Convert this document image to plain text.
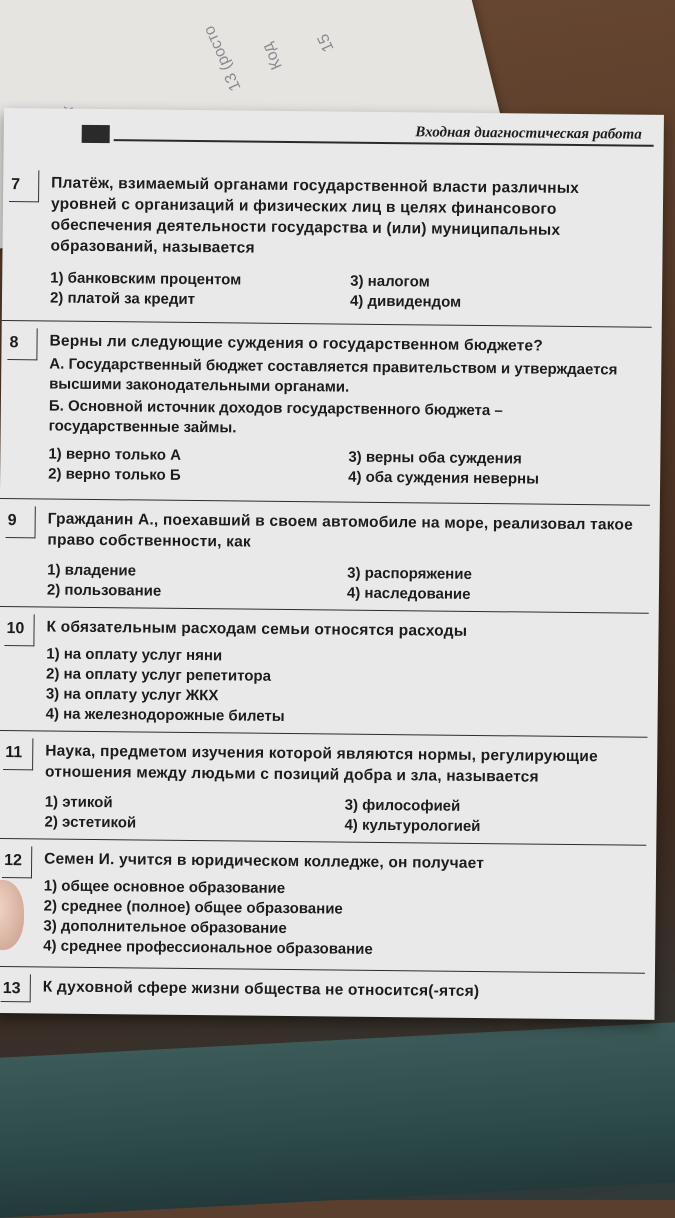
13 (росто Код 15
Входная диагностическая работа
7	Платёж, взимаемый органами государственной власти различных уровней с организаций и физических лиц в целях финансового обеспечения деятельности государства и (или) муниципальных образований, называется
1) банковским процентом
2) платой за кредит
3) налогом
4) дивидендом
8	Верны ли следующие суждения о государственном бюджете?
А. Государственный бюджет составляется правительством и утверждается высшими законодательными органами.
Б. Основной источник доходов государственного бюджета – государственные займы.
1) верно только А
2) верно только Б
3) верны оба суждения
4) оба суждения неверны
9	Гражданин А., поехавший в своем автомобиле на море, реализовал такое право собственности, как
1) владение
2) пользование
3) распоряжение
4) наследование
10	К обязательным расходам семьи относятся расходы
1) на оплату услуг няни
2) на оплату услуг репетитора
3) на оплату услуг ЖКХ
4) на железнодорожные билеты
11	Наука, предметом изучения которой являются нормы, регулирующие отношения между людьми с позиций добра и зла, называется
1) этикой
2) эстетикой
3) философией
4) культурологией
12	Семен И. учится в юридическом колледже, он получает
1) общее основное образование
2) среднее (полное) общее образование
3) дополнительное образование
4) среднее профессиональное образование
13	К духовной сфере жизни общества не относится(-ятся)
